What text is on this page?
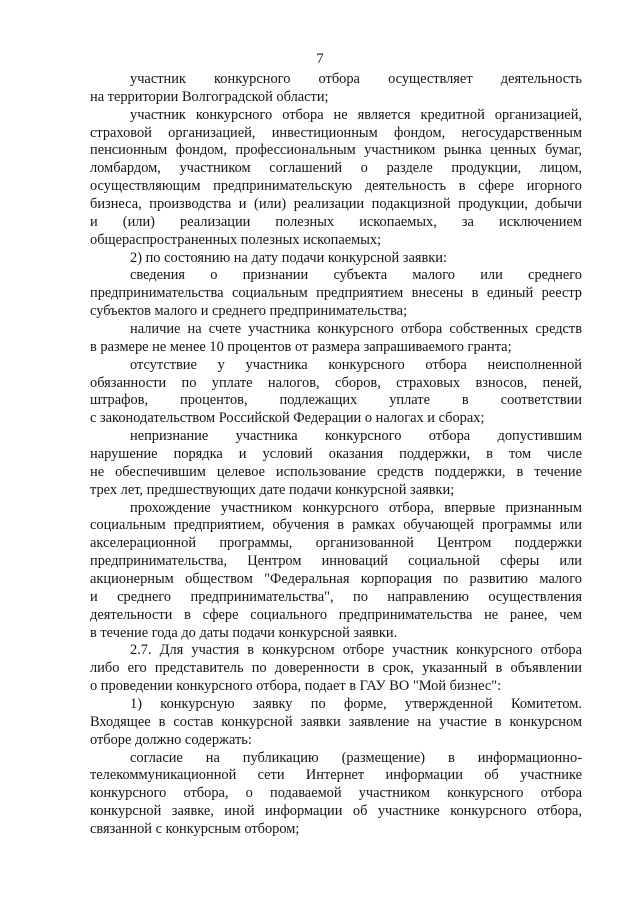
7
участник конкурсного отбора осуществляет деятельность
на территории Волгоградской области;
участник конкурсного отбора не является кредитной организацией,
страховой организацией, инвестиционным фондом, негосударственным
пенсионным фондом, профессиональным участником рынка ценных бумаг,
ломбардом, участником соглашений о разделе продукции, лицом,
осуществляющим предпринимательскую деятельность в сфере игорного
бизнеса, производства и (или) реализации подакцизной продукции, добычи
и (или) реализации полезных ископаемых, за исключением
общераспространенных полезных ископаемых;
2) по состоянию на дату подачи конкурсной заявки:
сведения о признании субъекта малого или среднего
предпринимательства социальным предприятием внесены в единый реестр
субъектов малого и среднего предпринимательства;
наличие на счете участника конкурсного отбора собственных средств
в размере не менее 10 процентов от размера запрашиваемого гранта;
отсутствие у участника конкурсного отбора неисполненной
обязанности по уплате налогов, сборов, страховых взносов, пеней,
штрафов, процентов, подлежащих уплате в соответствии
с законодательством Российской Федерации о налогах и сборах;
непризнание участника конкурсного отбора допустившим
нарушение порядка и условий оказания поддержки, в том числе
не обеспечившим целевое использование средств поддержки, в течение
трех лет, предшествующих дате подачи конкурсной заявки;
прохождение участником конкурсного отбора, впервые признанным
социальным предприятием, обучения в рамках обучающей программы или
акселерационной программы, организованной Центром поддержки
предпринимательства, Центром инноваций социальной сферы или
акционерным обществом "Федеральная корпорация по развитию малого
и среднего предпринимательства", по направлению осуществления
деятельности в сфере социального предпринимательства не ранее, чем
в течение года до даты подачи конкурсной заявки.
2.7. Для участия в конкурсном отборе участник конкурсного отбора
либо его представитель по доверенности в срок, указанный в объявлении
о проведении конкурсного отбора, подает в ГАУ ВО "Мой бизнес":
1) конкурсную заявку по форме, утвержденной Комитетом.
Входящее в состав конкурсной заявки заявление на участие в конкурсном
отборе должно содержать:
согласие на публикацию (размещение) в информационно-
телекоммуникационной сети Интернет информации об участнике
конкурсного отбора, о подаваемой участником конкурсного отбора
конкурсной заявке, иной информации об участнике конкурсного отбора,
связанной с конкурсным отбором;
